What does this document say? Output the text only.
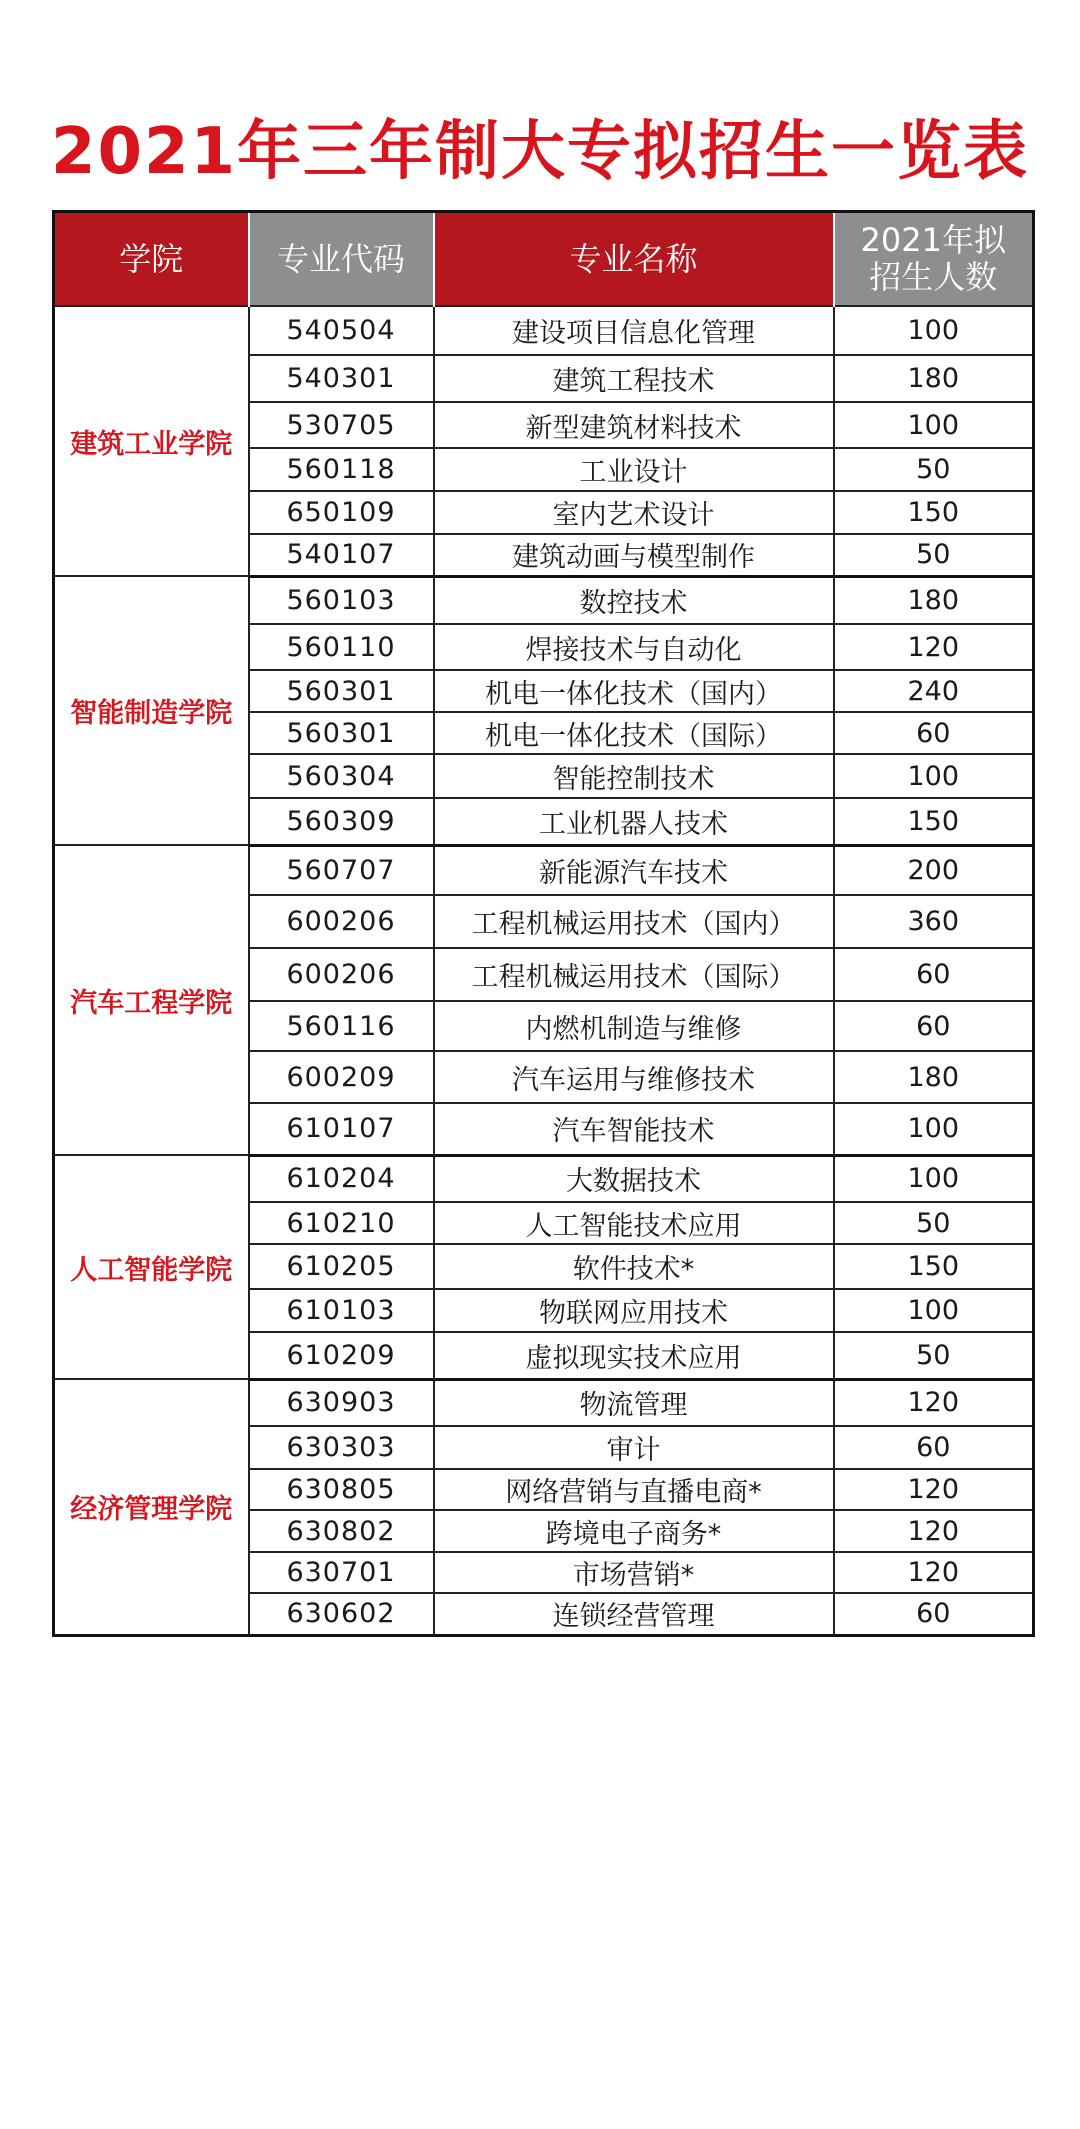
2021年三年制大专拟招生一览表
学院	专业代码	专业名称	2021年拟
招生人数

建筑工业学院	540504	建设项目信息化管理	100
	540301	建筑工程技术	180
	530705	新型建筑材料技术	100
	560118	工业设计	50
	650109	室内艺术设计	150
	540107	建筑动画与模型制作	50
智能制造学院	560103	数控技术	180
	560110	焊接技术与自动化	120
	560301	机电一体化技术（国内）	240
	560301	机电一体化技术（国际）	60
	560304	智能控制技术	100
	560309	工业机器人技术	150
汽车工程学院	560707	新能源汽车技术	200
	600206	工程机械运用技术（国内）	360
	600206	工程机械运用技术（国际）	60
	560116	内燃机制造与维修	60
	600209	汽车运用与维修技术	180
	610107	汽车智能技术	100
人工智能学院	610204	大数据技术	100
	610210	人工智能技术应用	50
	610205	软件技术*	150
	610103	物联网应用技术	100
	610209	虚拟现实技术应用	50
经济管理学院	630903	物流管理	120
	630303	审计	60
	630805	网络营销与直播电商*	120
	630802	跨境电子商务*	120
	630701	市场营销*	120
	630602	连锁经营管理	60
